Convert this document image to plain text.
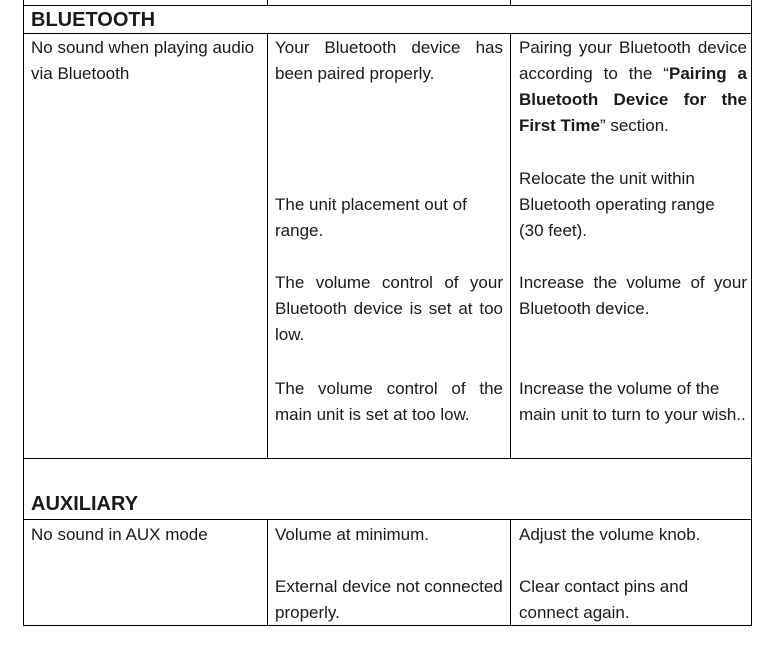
BLUETOOTH
No sound when playing audio via Bluetooth
Your Bluetooth device has been paired properly.
Pairing your Bluetooth device according to the “Pairing a Bluetooth Device for the First Time” section.
The unit placement out of range.
Relocate the unit within Bluetooth operating range (30 feet).
The volume control of your Bluetooth device is set at too low.
Increase the volume of your Bluetooth device.
The volume control of the main unit is set at too low.
Increase the volume of the main unit to turn to your wish..
AUXILIARY
No sound in AUX mode	Volume at minimum.	Adjust the volume knob.
External device not connected properly.
Clear contact pins and connect again.
